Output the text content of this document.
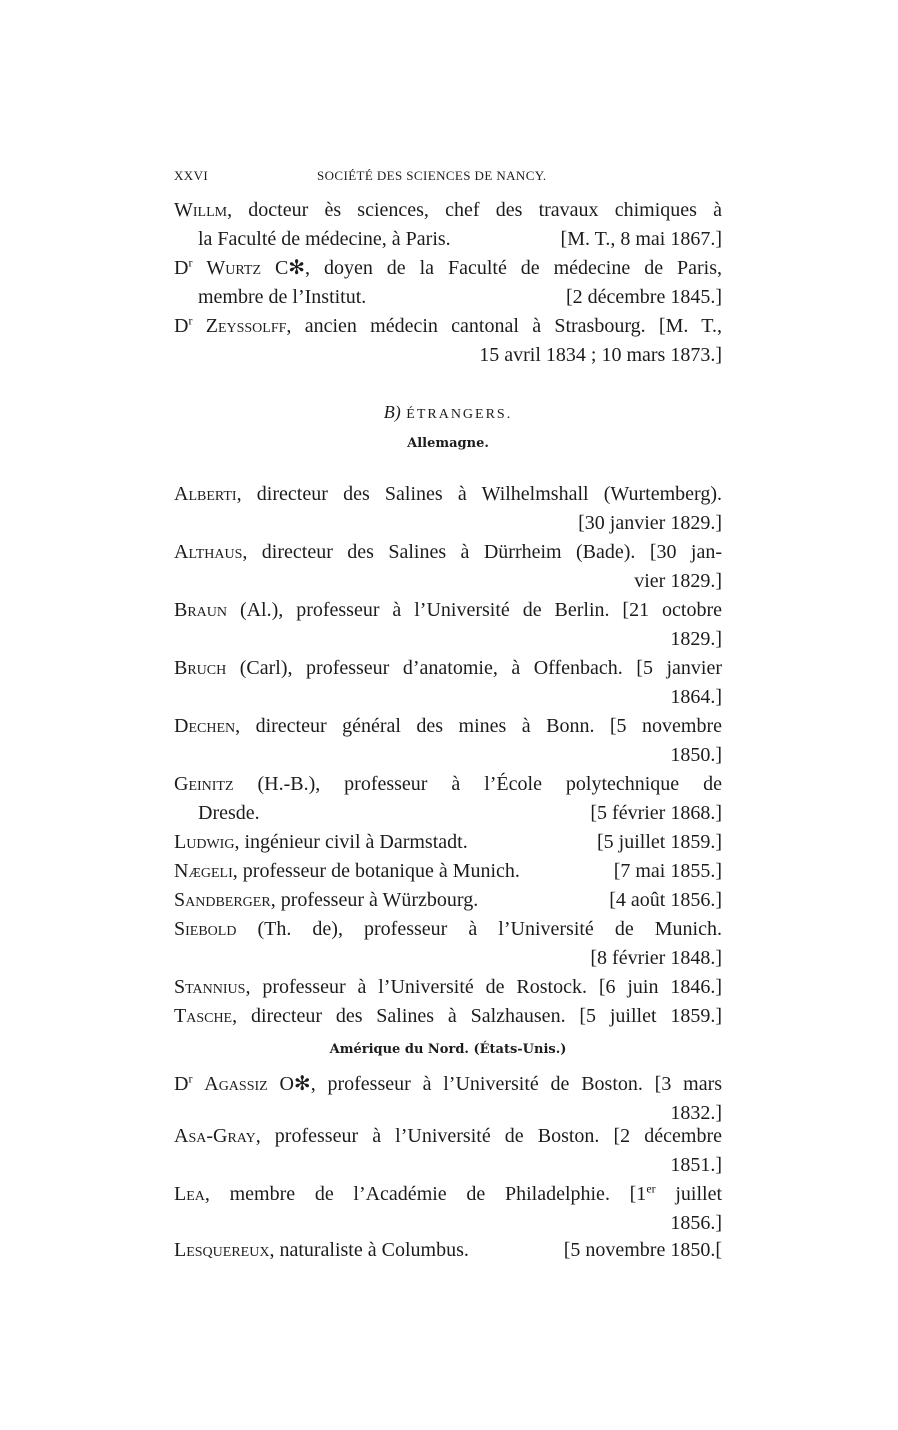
XXVI	SOCIÉTÉ DES SCIENCES DE NANCY.
Willm, docteur ès sciences, chef des travaux chimiques à
la Faculté de médecine, à Paris.	[M. T., 8 mai 1867.]
$D^r$ Wurtz C✻, doyen de la Faculté de médecine de Paris,
membre de l’Institut.	[2 décembre 1845.]
$D^r$ Zeyssolff, ancien médecin cantonal à Strasbourg. [M. T.,
15 avril 1834 ; 10 mars 1873.]
B) ÉTRANGERS.
Allemagne.
Alberti, directeur des Salines à Wilhelmshall (Wurtemberg).
[30 janvier 1829.]
Althaus, directeur des Salines à Dürrheim (Bade). [30 jan-
vier 1829.]
Braun (Al.), professeur à l’Université de Berlin. [21 octobre
1829.]
Bruch (Carl), professeur d’anatomie, à Offenbach. [5 janvier
1864.]
Dechen, directeur général des mines à Bonn. [5 novembre
1850.]
Geinitz (H.-B.), professeur à l’École polytechnique de
Dresde.	[5 février 1868.]
Ludwig, ingénieur civil à Darmstadt.	[5 juillet 1859.]
Nægeli, professeur de botanique à Munich.	[7 mai 1855.]
Sandberger, professeur à Würzbourg.	[4 août 1856.]
Siebold (Th. de), professeur à l’Université de Munich.
[8 février 1848.]
Stannius, professeur à l’Université de Rostock. [6 juin 1846.]
Tasche, directeur des Salines à Salzhausen. [5 juillet 1859.]
Amérique du Nord. (États-Unis.)
$D^r$ Agassiz O✻, professeur à l’Université de Boston. [3 mars
1832.]
Asa-Gray, professeur à l’Université de Boston. [2 décembre
1851.]
Lea, membre de l’Académie de Philadelphie. [1er juillet
1856.]
Lesquereux, naturaliste à Columbus.	[5 novembre 1850.[
